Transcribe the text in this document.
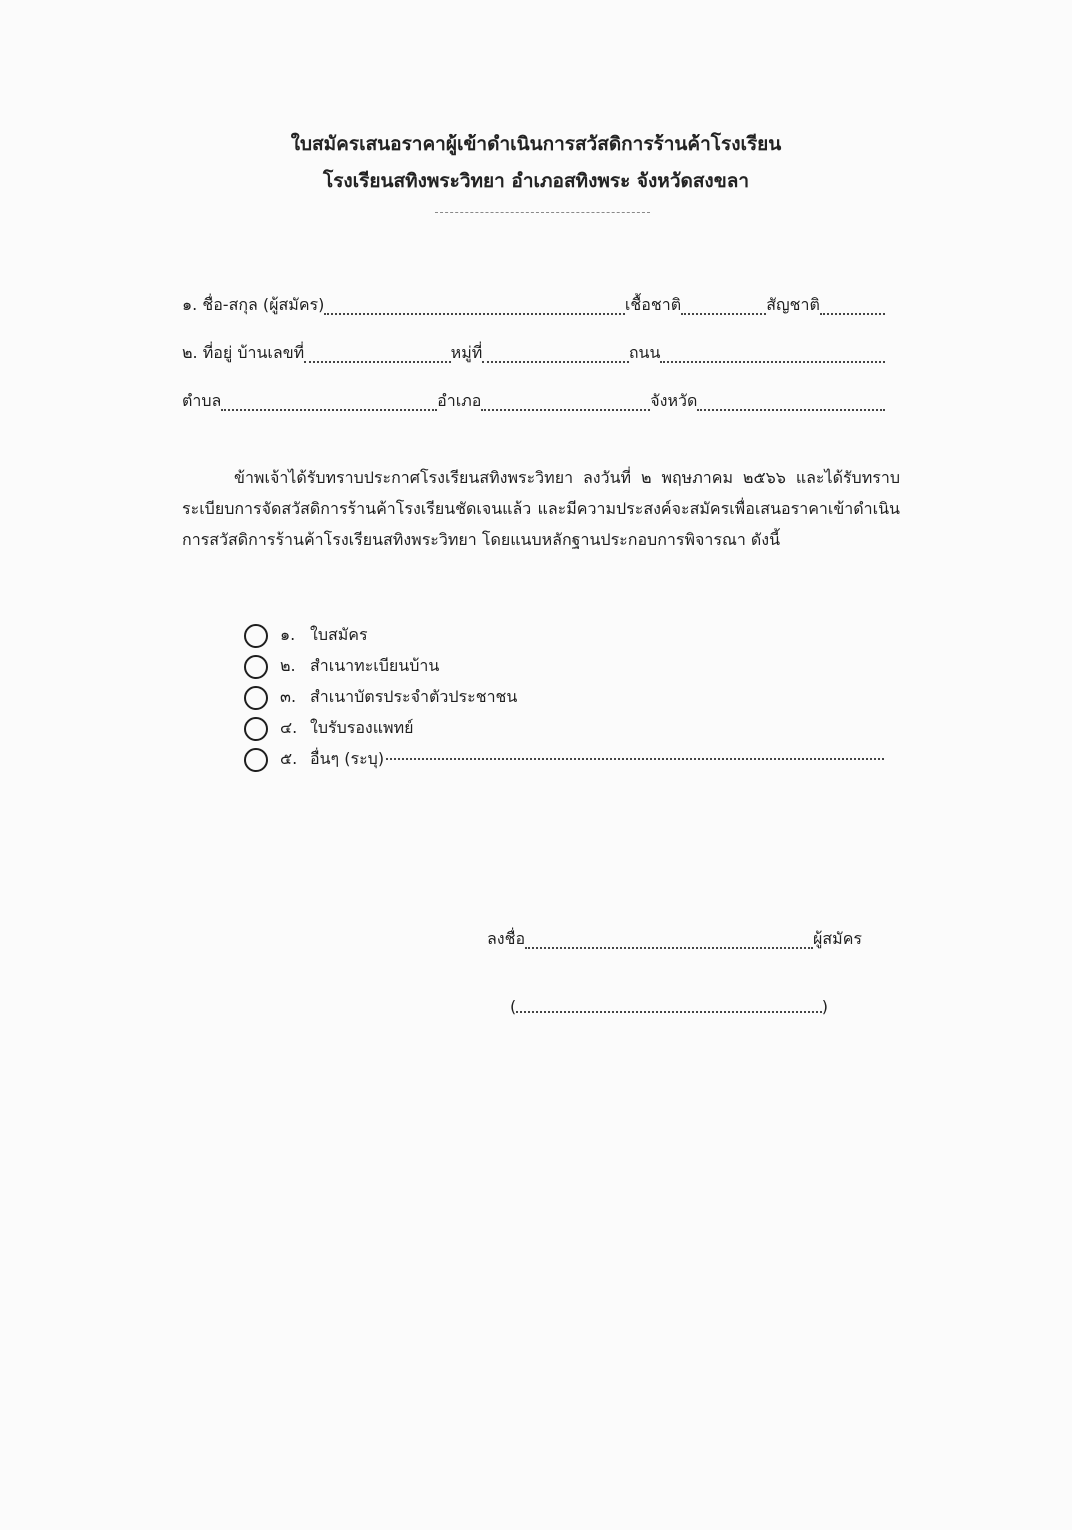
ใบสมัครเสนอราคาผู้เข้าดำเนินการสวัสดิการร้านค้าโรงเรียน
โรงเรียนสทิงพระวิทยา อำเภอสทิงพระ จังหวัดสงขลา
๑. ชื่อ-สกุล (ผู้สมัคร)	เชื้อชาติ	สัญชาติ
๒. ที่อยู่ บ้านเลขที่	หมู่ที่	ถนน
ตำบล	อำเภอ	จังหวัด
ข้าพเจ้าได้รับทราบประกาศโรงเรียนสทิงพระวิทยา ลงวันที่ ๒ พฤษภาคม ๒๕๖๖ และได้รับทราบระเบียบการจัดสวัสดิการร้านค้าโรงเรียนชัดเจนแล้ว และมีความประสงค์จะสมัครเพื่อเสนอราคาเข้าดำเนินการสวัสดิการร้านค้าโรงเรียนสทิงพระวิทยา โดยแนบหลักฐานประกอบการพิจารณา ดังนี้
๑. ใบสมัคร
๒. สำเนาทะเบียนบ้าน
๓. สำเนาบัตรประจำตัวประชาชน
๔. ใบรับรองแพทย์
๕. อื่นๆ (ระบุ)
ลงชื่อ	ผู้สมัคร
(	)
